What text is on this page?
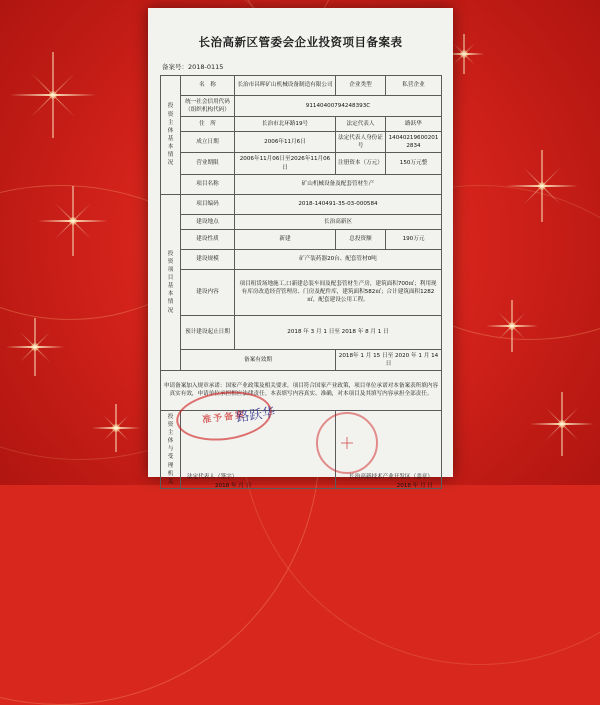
长治高新区管委会企业投资项目备案表
备案号：2018-0115
投
资
主
体
基
本
情
况
	名　称	长治市昌晖矿山机械设备制造有限公司	企业类型	私营企业
	统一社会信用代码（组织机构代码）	91140400794248393C		
	住　所	长治市北环路19号	法定代表人	路跃华
	成立日期	2006年11月6日	法定代表人身份证号	140402196002012834
	营业期限	2006年11月06日至2026年11月06日	注册资本（万元）	150万元整
	项目名称	矿山机械设备及配套管材生产		

投
资
项
目
基
本
情
况
	项目编码	2018-140491-35-03-000584
	建设地点	长治高新区		
	建设性质	新建	总投资额	190万元
	建设规模	矿产装药器20台、配套管材0吨		
	建设内容	项目租赁场地施工,口新建总装车间及配套管材生产房，建筑面积700㎡；利用现有库房改造经营管理房、门房及配件库，建筑面积582㎡；合计建筑面积1282㎡，配套建设公用工程。		
	预计建设起止日期	2018 年 3 月 1 日至 2018 年 8 月 1 日		
	备案有效期		2018年 1 月 15 日至 2020 年 1 月 14 日	
申请备案加入规章承诺：国家产业政策及相关要求，项目符合国家产业政策，项目单位承诺对本备案表所填内容真实有效，申请单位承担相应法律责任。本表填写内容真实、准确，对本项目及其填写内容承担全部责任。				

投
资
主
体
与
受
理
机
关

法定代表人（签字）
2018 年 月 日

长治高新技术产业开发区（盖章）
2018 年 月 日
准予备案
路跃华
